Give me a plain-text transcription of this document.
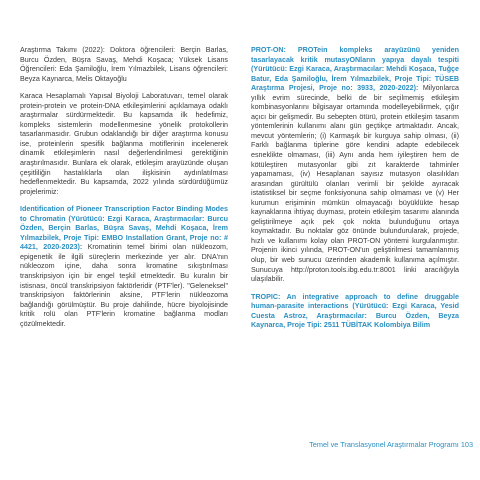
Araştırma Takımı (2022): Doktora öğrencileri: Berçin Barlas, Burcu Özden, Büşra Savaş, Mehdi Koşaca; Yüksek Lisans Öğrencileri: Eda Şamiloğlu, İrem Yılmazbilek, Lisans öğrencileri: Beyza Kaynarca, Melis Oktayoğlu

Karaca Hesaplamalı Yapısal Biyoloji Laboratuvarı, temel olarak protein-protein ve protein-DNA etkileşimlerini açıklamaya odaklı araştırmalar sürdürmektedir. Bu kapsamda ilk hedefimiz, kompleks sistemlerin modellenmesine yönelik protokollerin tasarlanmasıdır. Grubun odaklandığı bir diğer araştırma konusu ise, proteinlerin spesifik bağlanma motiflerinin incelenerek dinamik etkileşimlerin nasıl değerlendirilmesi gerektiğinin araştırılmasıdır. Bunlara ek olarak, etkileşim arayüzünde oluşan çeşitliliğin hastalıklarla olan ilişkisinin aydınlatılması hedeflenmektedir. Bu kapsamda, 2022 yılında sürdürdüğümüz projelerimiz:

Identification of Pioneer Transcription Factor Binding Modes to Chromatin (Yürütücü: Ezgi Karaca, Araştırmacılar: Burcu Özden, Berçin Barlas, Büşra Savaş, Mehdi Koşaca, İrem Yılmazbilek, Proje Tipi: EMBO Installation Grant, Proje no: # 4421, 2020-2023): Kromatinin temel birimi olan nükleozom, epigenetik ile ilgili süreçlerin merkezinde yer alır. DNA'nın nükleozom içine, daha sonra kromatine sıkıştırılması transkripsiyon için bir engel teşkil etmektedir. Bu kuralın bir istisnası, öncül transkripsiyon faktörleridir (PTF'ler). "Geleneksel" transkripsiyon faktörlerinin aksine, PTF'lerin nükleozoma bağlandığı görülmüştür. Bu proje dahilinde, hücre biyolojisinde kritik rolü olan PTF'lerin kromatine bağlanma modları çözülmektedir.

PROT-ON: PROTein kompleks arayüzünü yeniden tasarlayacak kritik mutasyONların yapıya dayalı tespiti (Yürütücü: Ezgi Karaca, Araştırmacılar: Mehdi Koşaca, Tuğçe Batur, Eda Şamiloğlu, İrem Yılmazbilek, Proje Tipi: TÜSEB Araştırma Projesi, Proje no: 3933, 2020-2022): Milyonlarca yıllık evrim sürecinde, belki de bir seçilmemiş etkileşim kombinasyonlarını bilgisayar ortamında modelleyebilirmek, çığır açıcı bir gelişmedir. Bu sebepten ötürü, protein etkileşim tasarım yöntemlerinin kullanımı alanı gün geçtikçe artmaktadır. Ancak, mevcut yöntemlerin; (i) Karmaşık bir kurguya sahip olması, (ii) Farklı bağlanma tiplerine göre kendini adapte edebilecek esneklikte olmaması, (iii) Aynı anda hem iyileştiren hem de kötüleştiren mutasyonlar gibi zıt karakterde tahminler yapamaması, (iv) Hesaplanan sayısız mutasyon olasılıkları arasından gürültülü olanları verimli bir şekilde ayıracak istatistiksel bir seçme fonksiyonuna sahip olmaması ve (v) Her kurumun erişiminin mümkün olmayacağı büyüklükte hesap kaynaklarına ihtiyaç duyması, protein etkileşim tasarımı alanında geliştirilmeye açık pek çok nokta bulunduğunu ortaya koymaktadır. Bu noktalar göz önünde bulundurularak, projede, hızlı ve kullanımı kolay olan PROT-ON yöntemi kurgulanmıştır. Projenin ikinci yılında, PROT-ON'un geliştirilmesi tamamlanmış olup, bir web sunucu üzerinden akademik kullanıma açılmıştır. Sunucuya http://proton.tools.ibg.edu.tr:8001 linki aracılığıyla ulaşılabilir.

TROPIC: An integrative approach to define druggable human-parasite interactions (Yürütücü: Ezgi Karaca, Yesid Cuesta Astroz, Araştırmacılar: Burcu Özden, Beyza Kaynarca, Proje Tipi: 2511 TÜBİTAK Kolombiya Bilim

Temel ve Translasyonel Araştırmalar Programı 103
